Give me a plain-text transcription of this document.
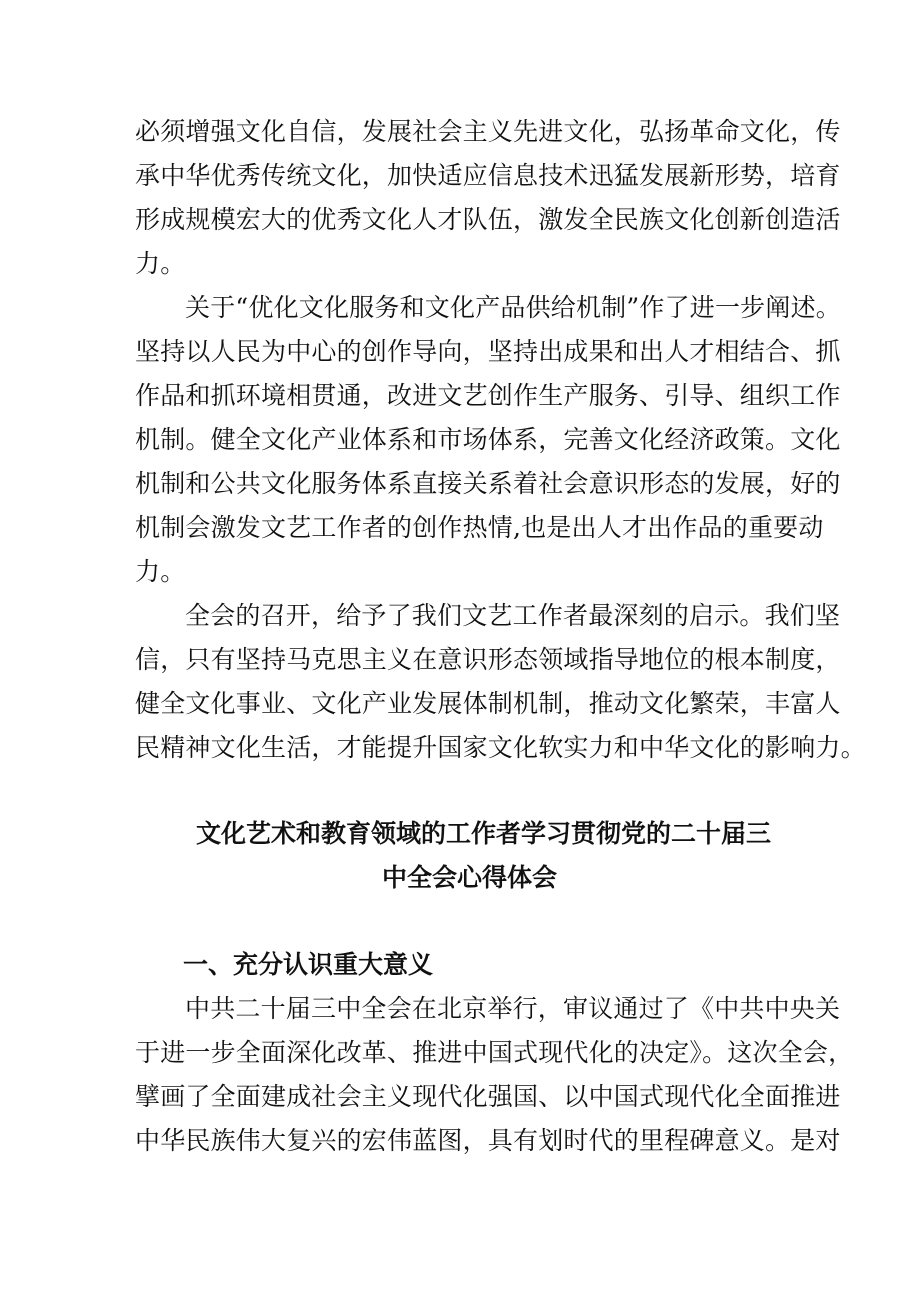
必须增强文化自信，发展社会主义先进文化，弘扬革命文化，传
承中华优秀传统文化，加快适应信息技术迅猛发展新形势，培育
形成规模宏大的优秀文化人才队伍，激发全民族文化创新创造活
力。
关于“优化文化服务和文化产品供给机制”作了进一步阐述。
坚持以人民为中心的创作导向，坚持出成果和出人才相结合、抓
作品和抓环境相贯通，改进文艺创作生产服务、引导、组织工作
机制。健全文化产业体系和市场体系，完善文化经济政策。文化
机制和公共文化服务体系直接关系着社会意识形态的发展，好的
机制会激发文艺工作者的创作热情,也是出人才出作品的重要动
力。
全会的召开，给予了我们文艺工作者最深刻的启示。我们坚
信，只有坚持马克思主义在意识形态领域指导地位的根本制度，
健全文化事业、文化产业发展体制机制，推动文化繁荣，丰富人
民精神文化生活，才能提升国家文化软实力和中华文化的影响力。
文化艺术和教育领域的工作者学习贯彻党的二十届三
中全会心得体会
一、充分认识重大意义
中共二十届三中全会在北京举行，审议通过了《中共中央关
于进一步全面深化改革、推进中国式现代化的决定》。这次全会，
擘画了全面建成社会主义现代化强国、以中国式现代化全面推进
中华民族伟大复兴的宏伟蓝图，具有划时代的里程碑意义。是对
